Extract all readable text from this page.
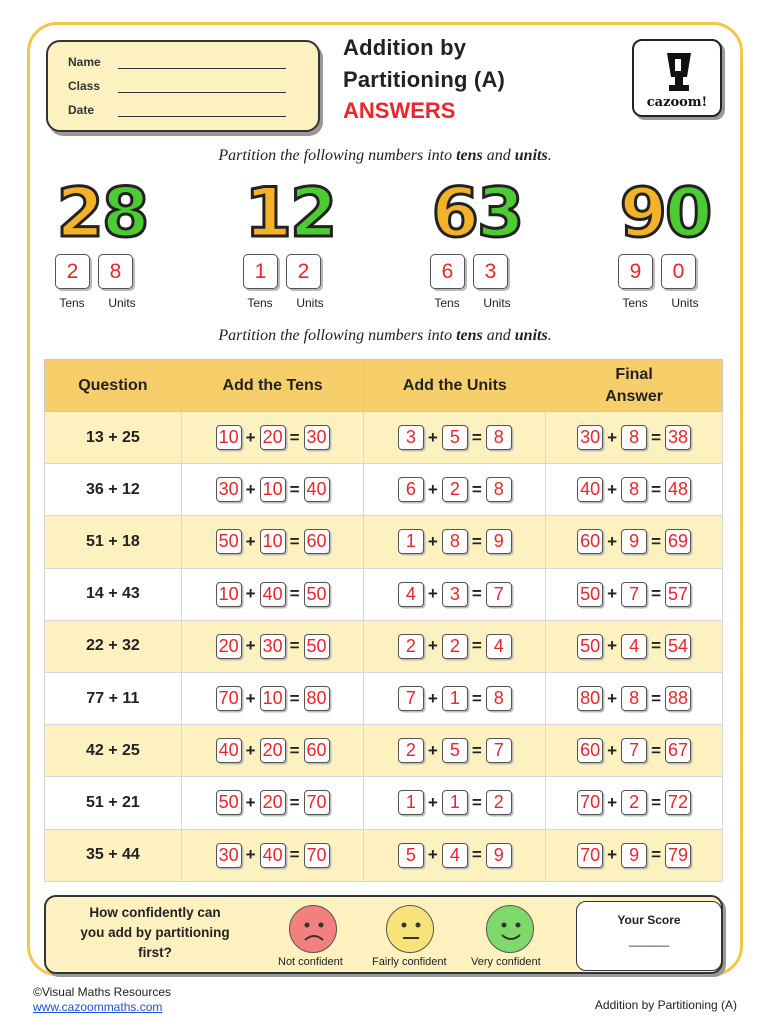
Name
Class
Date
Addition by
Partitioning (A)
ANSWERS	cazoom!
Partition the following numbers into tens and units.
28
2	8
Tens	Units
12
1	2
Tens	Units
63
6	3
Tens	Units
90
9	0
Tens	Units
Partition the following numbers into tens and units.
Question	Add the Tens	Add the Units	Final
Answer

13 + 25	10 + 20 = 30	3 + 5 = 8	30 + 8 = 38

36 + 12	30 + 10 = 40	6 + 2 = 8	40 + 8 = 48

51 + 18	50 + 10 = 60	1 + 8 = 9	60 + 9 = 69

14 + 43	10 + 40 = 50	4 + 3 = 7	50 + 7 = 57

22 + 32	20 + 30 = 50	2 + 2 = 4	50 + 4 = 54

77 + 11	70 + 10 = 80	7 + 1 = 8	80 + 8 = 88

42 + 25	40 + 20 = 60	2 + 5 = 7	60 + 7 = 67

51 + 21	50 + 20 = 70	1 + 1 = 2	70 + 2 = 72

35 + 44	30 + 40 = 70	5 + 4 = 9	70 + 9 = 79
How confidently can
you add by partitioning
first?
Not confident	Fairly confident Very confident
Your Score
______
©Visual Maths Resources
www.cazoommaths.com	Addition by Partitioning (A)
